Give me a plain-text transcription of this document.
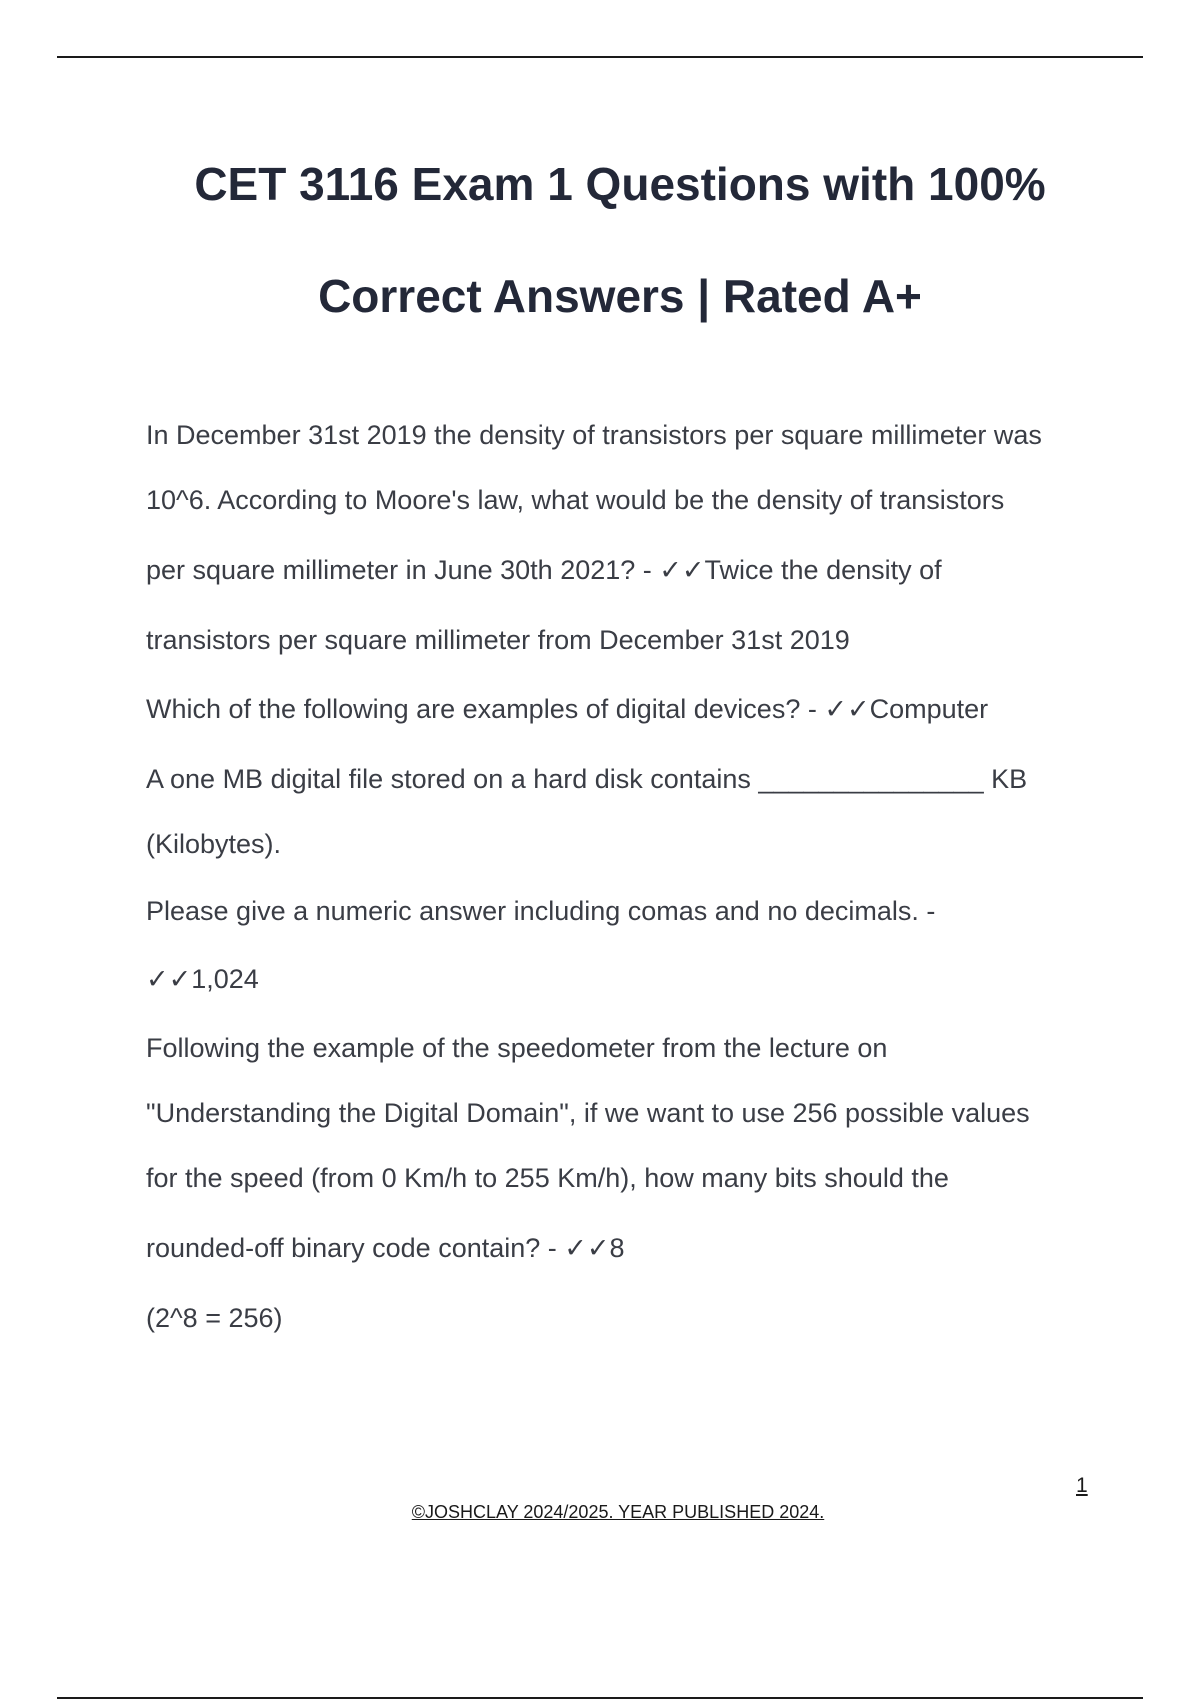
CET 3116 Exam 1 Questions with 100%
Correct Answers | Rated A+
In December 31st 2019 the density of transistors per square millimeter was
10^6. According to Moore's law, what would be the density of transistors
per square millimeter in June 30th 2021? - ✓✓Twice the density of
transistors per square millimeter from December 31st 2019
Which of the following are examples of digital devices? - ✓✓Computer
A one MB digital file stored on a hard disk contains _______________ KB
(Kilobytes).
Please give a numeric answer including comas and no decimals. -
✓✓1,024
Following the example of the speedometer from the lecture on
"Understanding the Digital Domain", if we want to use 256 possible values
for the speed (from 0 Km/h to 255 Km/h), how many bits should the
rounded-off binary code contain? - ✓✓8
(2^8 = 256)
1
©JOSHCLAY 2024/2025. YEAR PUBLISHED 2024.
